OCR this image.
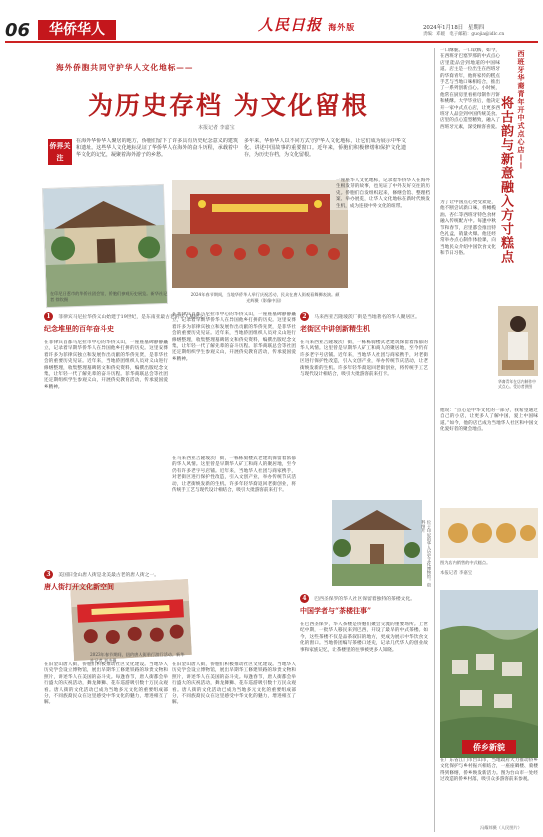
06	华侨华人	人民日报 海外版	2024年1月18日 星期四
责编：邓媛 电子邮箱：guojia@idlc.cn
海外侨胞共同守护华人文化地标——
为历史存档 为文化留根
本报记者 李嘉宝
侨界关注
在海外华侨华人聚居的地方，侨胞们留下了许多具有历史纪念意义的建筑和遗址。这些华人文化地标见证了华侨华人在海外的奋斗历程，承载着中华文化的记忆，凝聚着海外游子的乡愁。
多年来，华侨华人以不同方式守护华人文化地标，让它们成为展示中华文化、讲述中国故事的重要窗口。近年来，侨胞们积极修缮和保护文化遗存，为历史存档，为文化留根。
在印尼日惹市的华侨社团会馆，侨胞们参观历史展览。新华社记者 徐钦摄
2024年春节期间，当地华侨华人举行庆祝活动，民众在唐人街观看舞狮表演。颜光辉摄（影像中国）
2023年春节期间，纽约唐人街举行游行活动。新华社记者 刘杰摄
位于印尼的华人历史文化博物馆。资料图片
一座座华人文化地标，记录着华侨华人在海外生根发芽的故事，也见证了中外友好交往的历史。侨胞们自发组织起来，修缮会馆、整理档案、举办展览，让华人文化地标在新时代焕发生机，成为连接中外文化的纽带。
1 菲律宾马尼拉华侨义山始建于19世纪，是东南亚最古老的华人墓园之一。
纪念堆里的百年奋斗史
在菲律宾首都马尼拉市中心的华侨义山，一座座墓碑静静矗立，记录着早期华侨华人在异国他乡打拼的历史。这里安葬着许多为菲律宾独立和发展作出贡献的华侨先贤，是菲华社会的重要历史见证。近年来，当地侨团组织人员对义山进行修缮整理，收集整理墓碑铭文和侨史资料，编撰出版纪念文集，让年轻一代了解先辈的奋斗历程。菲华商联总会等社团还定期组织学生参观义山，开展侨史教育活动，传承爱国爱乡精神。
在菲律宾首都马尼拉市中心的华侨义山，一座座墓碑静静矗立，记录着早期华侨华人在异国他乡打拼的历史。这里安葬着许多为菲律宾独立和发展作出贡献的华侨先贤，是菲华社会的重要历史见证。近年来，当地侨团组织人员对义山进行修缮整理，收集整理墓碑铭文和侨史资料，编撰出版纪念文集，让年轻一代了解先辈的奋斗历程。菲华商联总会等社团还定期组织学生参观义山，开展侨史教育活动，传承爱国爱乡精神。
2 马来西亚吉隆坡茨厂街是当地著名的华人聚居区。
老街区中讲创新精生机
在马来西亚吉隆坡茨厂街，一栋栋骑楼式老建筑保留着浓郁的华人风情。这里曾是早期华人矿工和商人的聚居地，至今仍有许多老字号店铺。近年来，当地华人社团与商家携手，对老街区进行保护性改造，引入文创产业，举办传统节庆活动，让老街焕发新的生机。许多年轻华裔返回老街创业，将传统手工艺与现代设计相结合，吸引大批游客前来打卡。
在马来西亚吉隆坡茨厂街，一栋栋骑楼式老建筑保留着浓郁的华人风情。这里曾是早期华人矿工和商人的聚居地，至今仍有许多老字号店铺。近年来，当地华人社团与商家携手，对老街区进行保护性改造，引入文创产业，举办传统节庆活动，让老街焕发新的生机。许多年轻华裔返回老街创业，将传统手工艺与现代设计相结合，吸引大批游客前来打卡。
3 美国旧金山唐人街是北美最古老的唐人街之一。
唐人街打开文化新空间
在旧金山唐人街，侨胞们积极推动社区文化建设。当地华人历史学会设立博物馆，展出早期华工修建铁路的珍贵文物和照片，讲述华人在美国的奋斗史。每逢春节，唐人街都会举行盛大的庆祝活动，舞龙舞狮、花车巡游吸引数十万民众观看。唐人街的文化活动已成为当地多元文化的重要组成部分，不同族裔民众在这里感受中华文化的魅力，增进相互了解。
在旧金山唐人街，侨胞们积极推动社区文化建设。当地华人历史学会设立博物馆，展出早期华工修建铁路的珍贵文物和照片，讲述华人在美国的奋斗史。每逢春节，唐人街都会举行盛大的庆祝活动，舞龙舞狮、花车巡游吸引数十万民众观看。唐人街的文化活动已成为当地多元文化的重要组成部分，不同族裔民众在这里感受中华文化的魅力，增进相互了解。
4 巴西圣保罗的华人社区保留着独特的茶楼文化。
中国学者与“茶楼往事”
在巴西圣保罗，华人茶楼是侨胞们聚会交流的重要场所。上世纪中期，一批华人移民来到巴西，开设了最早的中式茶楼。如今，这些茶楼不仅是品茶叙旧的地方，更成为展示中华饮食文化的窗口。当地侨团编写茶楼口述史，记录几代华人的创业故事和家族记忆，让茶楼里的往事被更多人知晓。
一口酥脆、一口软糯，如今，在西班牙巴塞罗那的中式点心店里能品尝到地道的中国味道。店主是一位出生在西班牙的华裔青年，他将家传的糕点手艺与当地口味相结合，推出了一系列创新点心。小时候，他常在厨房里看祖母制作月饼和桃酥。大学毕业后，他决定开一家中式点心店，让更多西班牙人品尝到中国传统美食。店里的点心造型精致，融入了西班牙元素，深受顾客喜爱。 西班牙华裔青年开中式点心店——
将古韵与新意融入方寸糕点
为了让中国点心更受欢迎，他不断尝试新口味，将橄榄油、杏仁等西班牙特色食材融入传统配方中。每逢中秋节和春节，店里都会推出特色礼盒，销量火爆。他还经常举办点心制作体验课，向当地民众介绍中国饮食文化和节日习俗。
华裔青年在店内制作中式点心。受访者供图
他说：“点心是中华文化的一部分，我希望通过自己的小店，让更多人了解中国，爱上中国味道。”如今，他的店已成为当地华人社区和中国文化爱好者的聚会地点。
图为店内销售的中式糕点。
本报记者 李嘉宝
侨乡新貌
在广东省江门市台山市，当地政府大力推动侨乡文化保护与乡村振兴相结合，一座座碉楼、骑楼得到修缮，侨乡焕发新活力。图为台山市一处经过改造的侨乡村落，吸引众多游客前来参观。
冯耀邦摄（人民图片）
